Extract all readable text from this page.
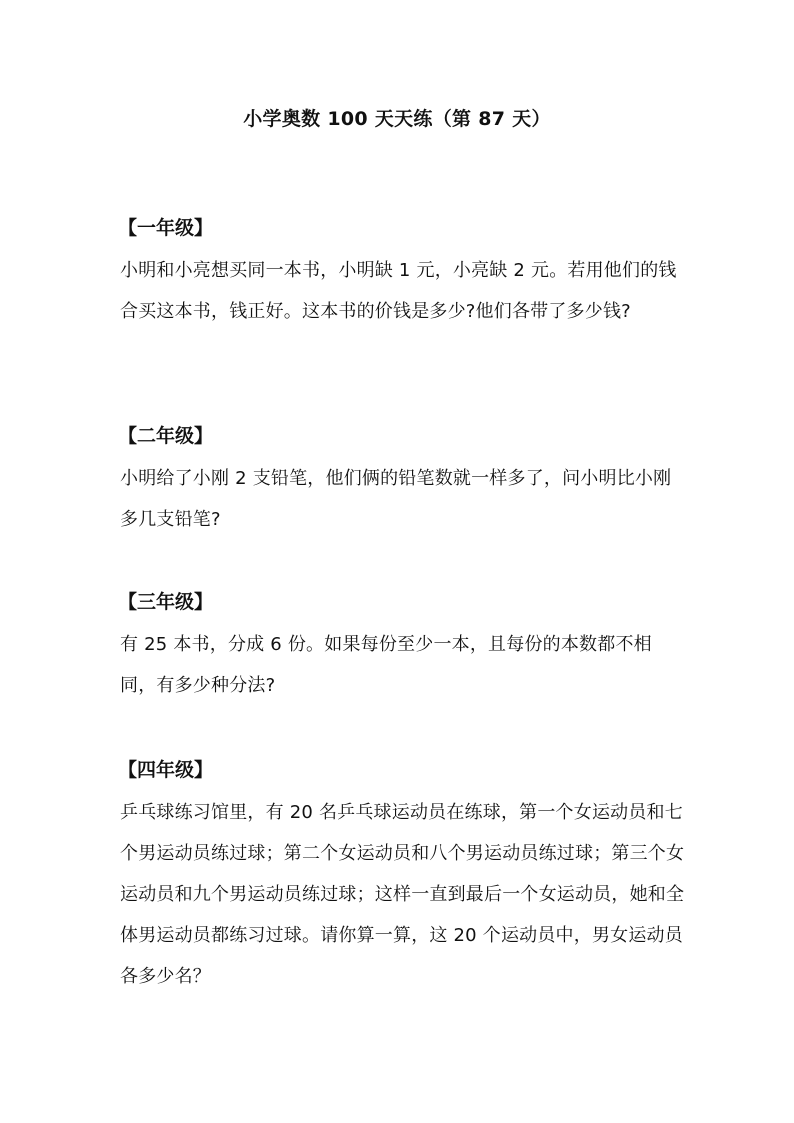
小学奥数 100 天天练（第 87 天）
【一年级】

小明和小亮想买同一本书，小明缺 1 元，小亮缺 2 元。若用他们的钱合买这本书，钱正好。这本书的价钱是多少?他们各带了多少钱?

【二年级】

小明给了小刚 2 支铅笔，他们俩的铅笔数就一样多了，问小明比小刚多几支铅笔?

【三年级】

有 25 本书，分成 6 份。如果每份至少一本，且每份的本数都不相同，有多少种分法?

【四年级】

乒乓球练习馆里，有 20 名乒乓球运动员在练球，第一个女运动员和七个男运动员练过球；第二个女运动员和八个男运动员练过球；第三个女运动员和九个男运动员练过球；这样一直到最后一个女运动员，她和全体男运动员都练习过球。请你算一算，这 20 个运动员中，男女运动员各多少名？
